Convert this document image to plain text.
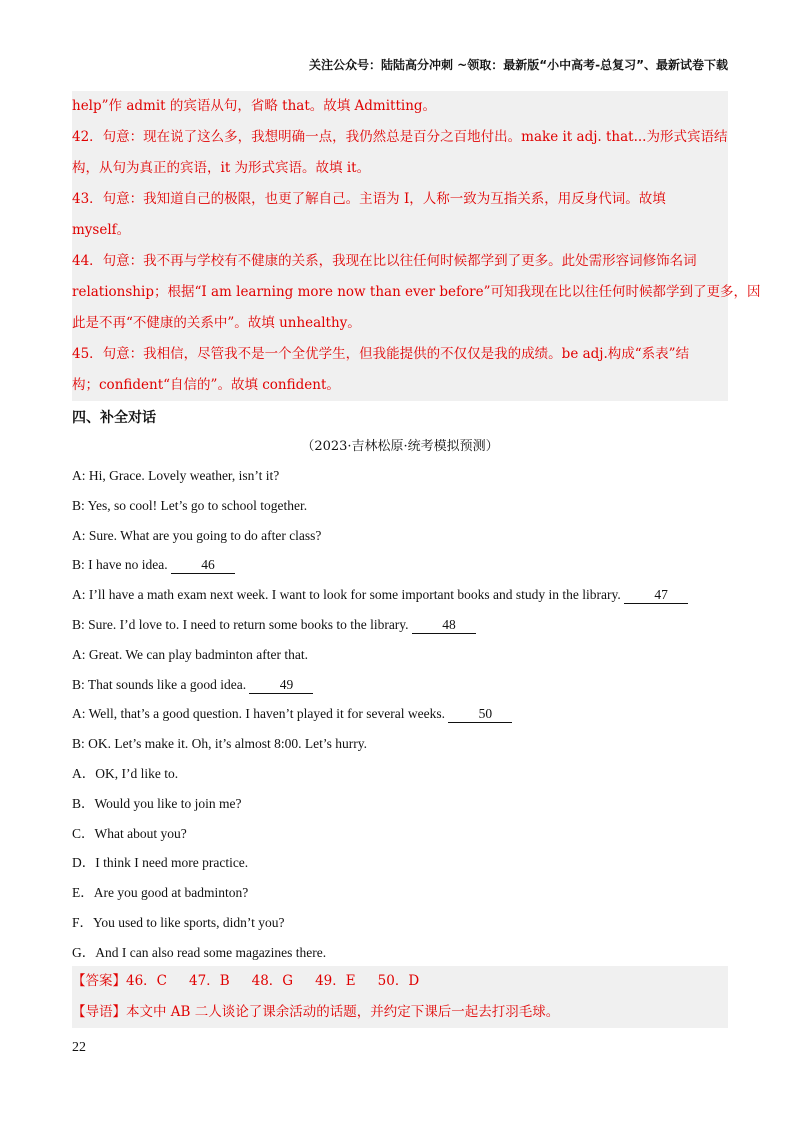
关注公众号：陆陆高分冲刺 ~领取：最新版“小中高考-总复习”、最新试卷下载

help”作 admit 的宾语从句，省略 that。故填 Admitting。

42．句意：现在说了这么多，我想明确一点，我仍然总是百分之百地付出。make it adj. that...为形式宾语结

构，从句为真正的宾语，it 为形式宾语。故填 it。

43．句意：我知道自己的极限，也更了解自己。主语为 I，人称一致为互指关系，用反身代词。故填

myself。

44．句意：我不再与学校有不健康的关系，我现在比以往任何时候都学到了更多。此处需形容词修饰名词

relationship；根据“I am learning more now than ever before”可知我现在比以往任何时候都学到了更多，因

此是不再“不健康的关系中”。故填 unhealthy。

45．句意：我相信，尽管我不是一个全优学生，但我能提供的不仅仅是我的成绩。be adj.构成“系表”结

构；confident“自信的”。故填 confident。

四、补全对话
（2023·吉林松原·统考模拟预测）
A: Hi, Grace. Lovely weather, isn’t it?
B: Yes, so cool! Let’s go to school together.
A: Sure. What are you going to do after class?
B: I have no idea. 46
A: I’ll have a math exam next week. I want to look for some important books and study in the library. 47
B: Sure. I’d love to. I need to return some books to the library. 48
A: Great. We can play badminton after that.
B: That sounds like a good idea. 49
A: Well, that’s a good question. I haven’t played it for several weeks. 50
B: OK. Let’s make it. Oh, it’s almost 8:00. Let’s hurry.
A．OK, I’d like to.
B．Would you like to join me?
C．What about you?
D．I think I need more practice.
E．Are you good at badminton?
F．You used to like sports, didn’t you?
G．And I can also read some magazines there.
【答案】46．C 47．B 48．G 49．E 50．D
【导语】本文中 AB 二人谈论了课余活动的话题，并约定下课后一起去打羽毛球。
22
